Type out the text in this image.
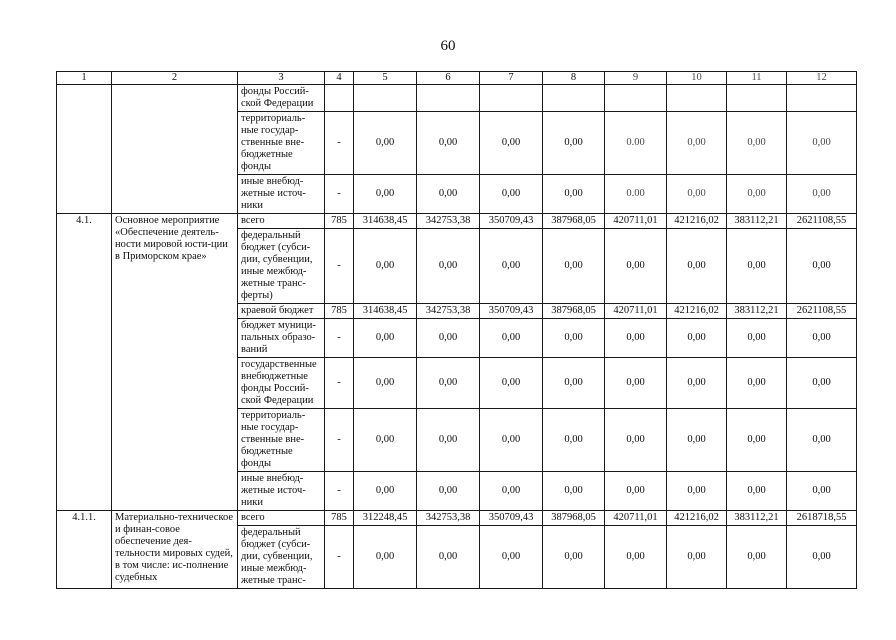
60
1	2	3	4	5	6	7	8	9	10	11	12
		фонды Россий-ской Федерации									
		территориаль-ные государ-ственные вне-бюджетные фонды	-	0,00	0,00	0,00	0,00	0.00	0,00	0,00	0,00
		иные внебюд-жетные источ-ники	-	0,00	0,00	0,00	0,00	0.00	0,00	0,00	0,00
4.1.	Основное мероприятие «Обеспечение деятель-ности мировой юсти-ции в Приморском крае»	всего	785	314638,45	342753,38	350709,43	387968,05	420711,01	421216,02	383112,21	2621108,55
		федеральный бюджет (субси-дии, субвенции, иные межбюд-жетные транс-ферты)	-	0,00	0,00	0,00	0,00	0,00	0,00	0,00	0,00
		краевой бюджет	785	314638,45	342753,38	350709,43	387968,05	420711,01	421216,02	383112,21	2621108,55
		бюджет муници-пальных образо-ваний	-	0,00	0,00	0,00	0,00	0,00	0,00	0,00	0,00
		государственные внебюджетные фонды Россий-ской Федерации	-	0,00	0,00	0,00	0,00	0,00	0,00	0,00	0,00
		территориаль-ные государ-ственные вне-бюджетные фонды	-	0,00	0,00	0,00	0,00	0,00	0,00	0,00	0,00
		иные внебюд-жетные источ-ники	-	0,00	0,00	0,00	0,00	0,00	0,00	0,00	0,00
4.1.1.	Материально-техническое и финан-совое обеспечение дея-тельности мировых судей, в том числе: ис-полнение судебных	всего	785	312248,45	342753,38	350709,43	387968,05	420711,01	421216,02	383112,21	2618718,55
		федеральный бюджет (субси-дии, субвенции, иные межбюд-жетные транс-	-	0,00	0,00	0,00	0,00	0,00	0,00	0,00	0,00
